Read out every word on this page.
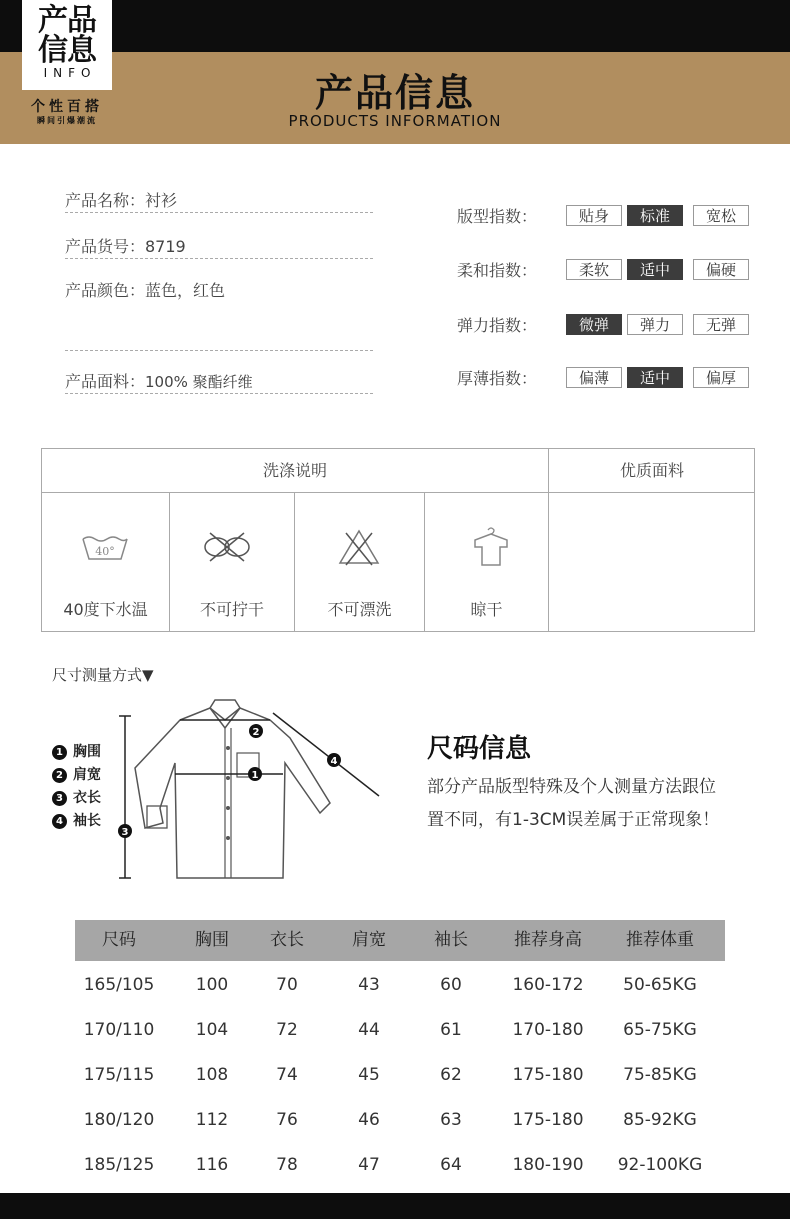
产品
信息
INFO
个性百搭
瞬间引爆潮流
产品信息
PRODUCTS INFORMATION
产品名称：衬衫
产品货号：8719
产品颜色：蓝色，红色
产品面料：100% 聚酯纤维
版型指数：	贴身	标准	宽松
柔和指数：	柔软	适中	偏硬
弹力指数：	微弹	弹力	无弹
厚薄指数：	偏薄	适中	偏厚
洗涤说明	优质面料
40°
40度下水温	不可拧干	不可漂洗	晾干
尺寸测量方式▼
1 胸围
2 肩宽
3 衣长
4 袖长
1
2
3
4	尺码信息
部分产品版型特殊及个人测量方法跟位
置不同，有1-3CM误差属于正常现象！
尺码	胸围	衣长	肩宽	袖长	推荐身高	推荐体重
165/105	100	70	43	60	160-172	50-65KG
170/110	104	72	44	61	170-180	65-75KG
175/115	108	74	45	62	175-180	75-85KG
180/120	112	76	46	63	175-180	85-92KG
185/125	116	78	47	64	180-190	92-100KG
